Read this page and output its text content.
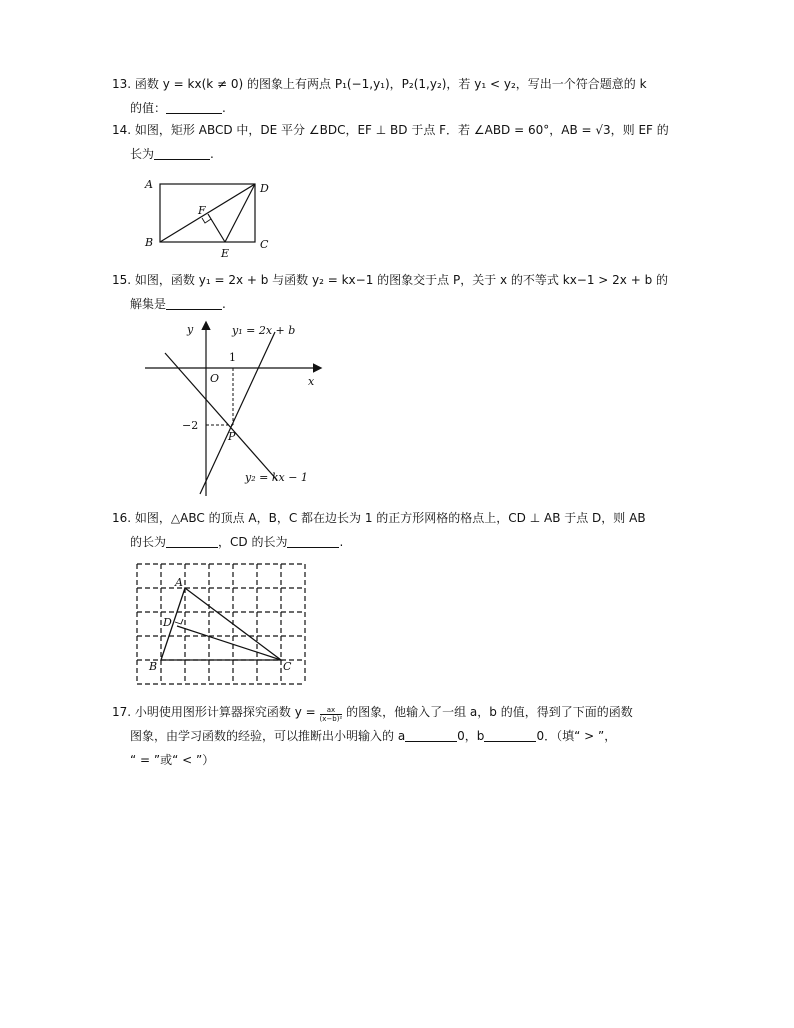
13. 函数 y = kx(k ≠ 0) 的图象上有两点 P₁(−1,y₁)，P₂(1,y₂)，若 y₁ < y₂，写出一个符合题意的 k
的值：	.
14. 如图，矩形 ABCD 中，DE 平分 ∠BDC，EF ⊥ BD 于点 F．若 ∠ABD = 60°，AB = √3，则 EF 的
长为	.
A
B	C
D
E
F
15. 如图，函数 y₁ = 2x + b 与函数 y₂ = kx−1 的图象交于点 P，关于 x 的不等式 kx−1 > 2x + b 的
解集是	.
y
x
O
1
−2
P
y₁ = 2x + b
y₂ = kx − 1
16. 如图，△ABC 的顶点 A，B，C 都在边长为 1 的正方形网格的格点上，CD ⊥ AB 于点 D，则 AB
的长为	，CD 的长为	.
A
B	C
D
17. 小明使用图形计算器探究函数 $y = \frac{ax}{\text{(x−b)²}}$ 的图象，他输入了一组 a，b 的值，得到了下面的函数
图象，由学习函数的经验，可以推断出小明输入的 a	0，b	0．（填“ > ”，
“ = ”或“ < ”）
